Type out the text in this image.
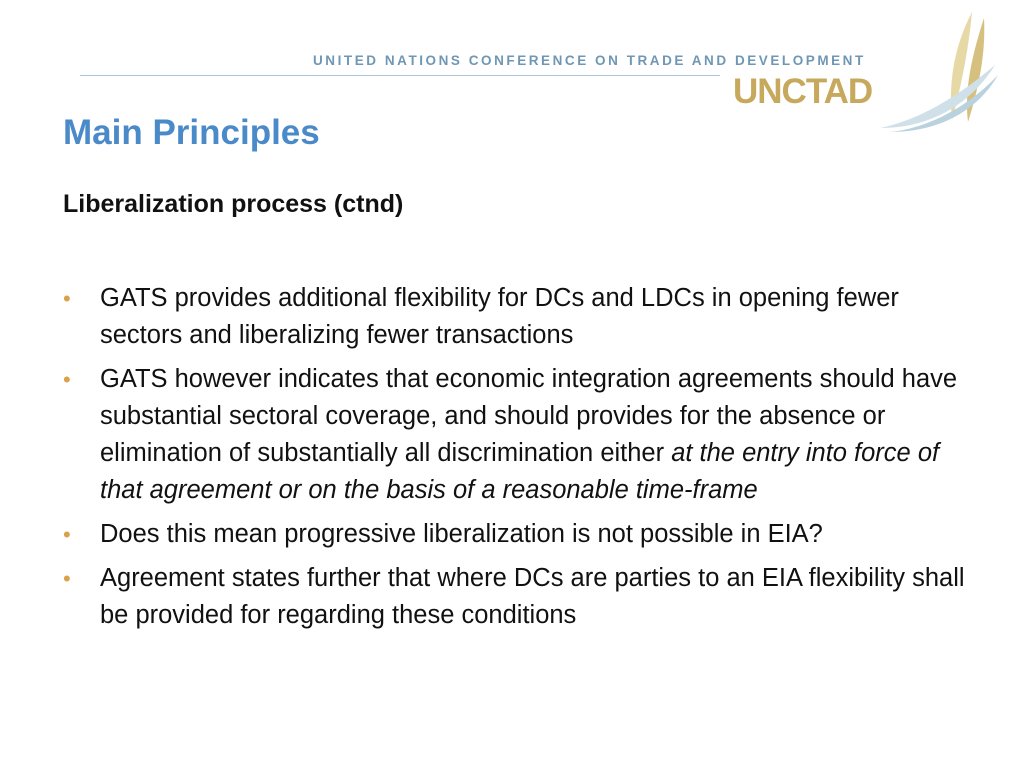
UNITED NATIONS CONFERENCE ON TRADE AND DEVELOPMENT
UNCTAD
Main Principles
Liberalization process (ctnd)
• GATS provides additional flexibility for DCs and LDCs in opening fewer sectors and liberalizing fewer transactions
• GATS however indicates that economic integration agreements should have substantial sectoral coverage, and should provides for the absence or elimination of substantially all discrimination either at the entry into force of that agreement or on the basis of a reasonable time-frame
• Does this mean progressive liberalization is not possible in EIA?
• Agreement states further that where DCs are parties to an EIA flexibility shall be provided for regarding these conditions
